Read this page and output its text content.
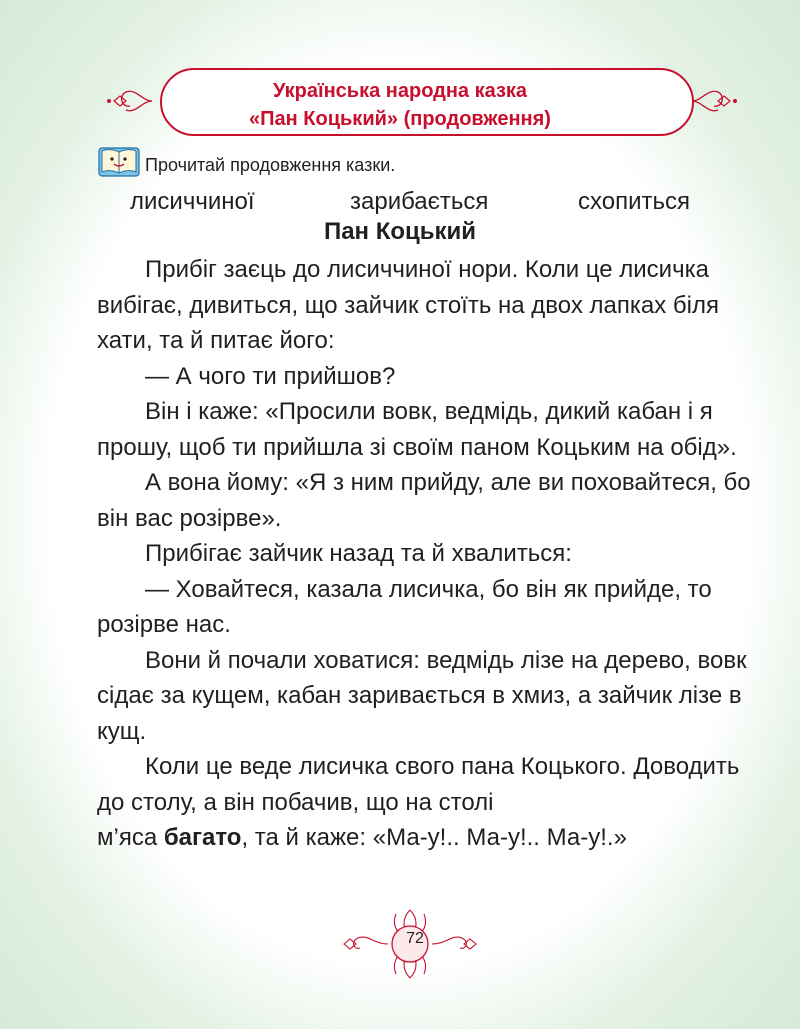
Українська народна казка
«Пан Коцький» (продовження)
Прочитай продовження казки.
лисиччиної	зарибається	схопиться
Пан Коцький

Прибіг заєць до лисиччиної нори. Коли це лисичка вибігає, дивиться, що зайчик стоїть на двох лапках біля хати, та й питає його:

— А чого ти прийшов?

Він і каже: «Просили вовк, ведмідь, дикий кабан і я прошу, щоб ти прийшла зі своїм паном Коцьким на обід».

А вона йому: «Я з ним прийду, але ви поховайтеся, бо він вас розірве».

Прибігає зайчик назад та й хвалиться:

— Ховайтеся, казала лисичка, бо він як прийде, то розірве нас.

Вони й почали ховатися: ведмідь лізе на дерево, вовк сідає за кущем, кабан заривається в хмиз, а зайчик лізе в кущ.

Коли це веде лисичка свого пана Коцького. Доводить до столу, а він побачив, що на столі

м’яса багато, та й каже: «Ма-у!.. Ма-у!.. Ма-у!.»
72
